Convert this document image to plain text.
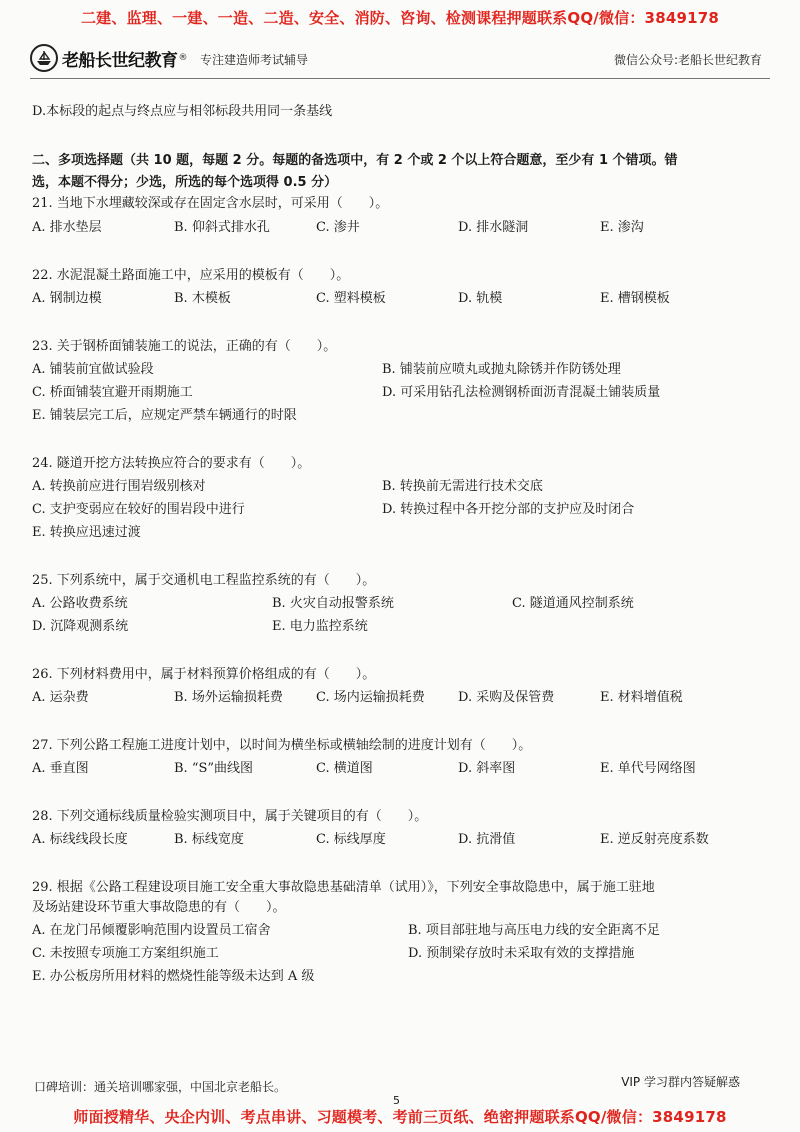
二建、监理、一建、一造、二造、安全、消防、咨询、检测课程押题联系QQ/微信：3849178
老船长世纪教育 ® 专注建造师考试辅导	微信公众号:老船长世纪教育
D.本标段的起点与终点应与相邻标段共用同一条基线
二、多项选择题（共 10 题，每题 2 分。每题的备选项中，有 2 个或 2 个以上符合题意，至少有 1 个错项。错
选，本题不得分；少选，所选的每个选项得 0.5 分）
21. 当地下水埋藏较深或存在固定含水层时，可采用（　　）。
A. 排水垫层	B. 仰斜式排水孔	C. 渗井	D. 排水隧洞	E. 渗沟
22. 水泥混凝土路面施工中，应采用的模板有（　　）。
A. 钢制边模	B. 木模板	C. 塑料模板	D. 轨模	E. 槽钢模板
23. 关于钢桥面铺装施工的说法，正确的有（　　）。
A. 铺装前宜做试验段	B. 铺装前应喷丸或抛丸除锈并作防锈处理
C. 桥面铺装宜避开雨期施工	D. 可采用钻孔法检测钢桥面沥青混凝土铺装质量
E. 铺装层完工后，应规定严禁车辆通行的时限
24. 隧道开挖方法转换应符合的要求有（　　）。
A. 转换前应进行围岩级别核对	B. 转换前无需进行技术交底
C. 支护变弱应在较好的围岩段中进行	D. 转换过程中各开挖分部的支护应及时闭合
E. 转换应迅速过渡
25. 下列系统中，属于交通机电工程监控系统的有（　　）。
A. 公路收费系统	B. 火灾自动报警系统	C. 隧道通风控制系统
D. 沉降观测系统	E. 电力监控系统
26. 下列材料费用中，属于材料预算价格组成的有（　　）。
A. 运杂费	B. 场外运输损耗费	C. 场内运输损耗费	D. 采购及保管费	E. 材料增值税
27. 下列公路工程施工进度计划中，以时间为横坐标或横轴绘制的进度计划有（　　）。
A. 垂直图	B. “S”曲线图	C. 横道图	D. 斜率图	E. 单代号网络图
28. 下列交通标线质量检验实测项目中，属于关键项目的有（　　）。
A. 标线线段长度	B. 标线宽度	C. 标线厚度	D. 抗滑值	E. 逆反射亮度系数
29. 根据《公路工程建设项目施工安全重大事故隐患基础清单（试用）》，下列安全事故隐患中，属于施工驻地
及场站建设环节重大事故隐患的有（　　）。
A. 在龙门吊倾覆影响范围内设置员工宿舍	B. 项目部驻地与高压电力线的安全距离不足
C. 未按照专项施工方案组织施工	D. 预制梁存放时未采取有效的支撑措施
E. 办公板房所用材料的燃烧性能等级未达到 A 级
口碑培训：通关培训哪家强，中国北京老船长。	VIP 学习群内答疑解惑
5
师面授精华、央企内训、考点串讲、习题模考、考前三页纸、绝密押题联系QQ/微信：3849178
